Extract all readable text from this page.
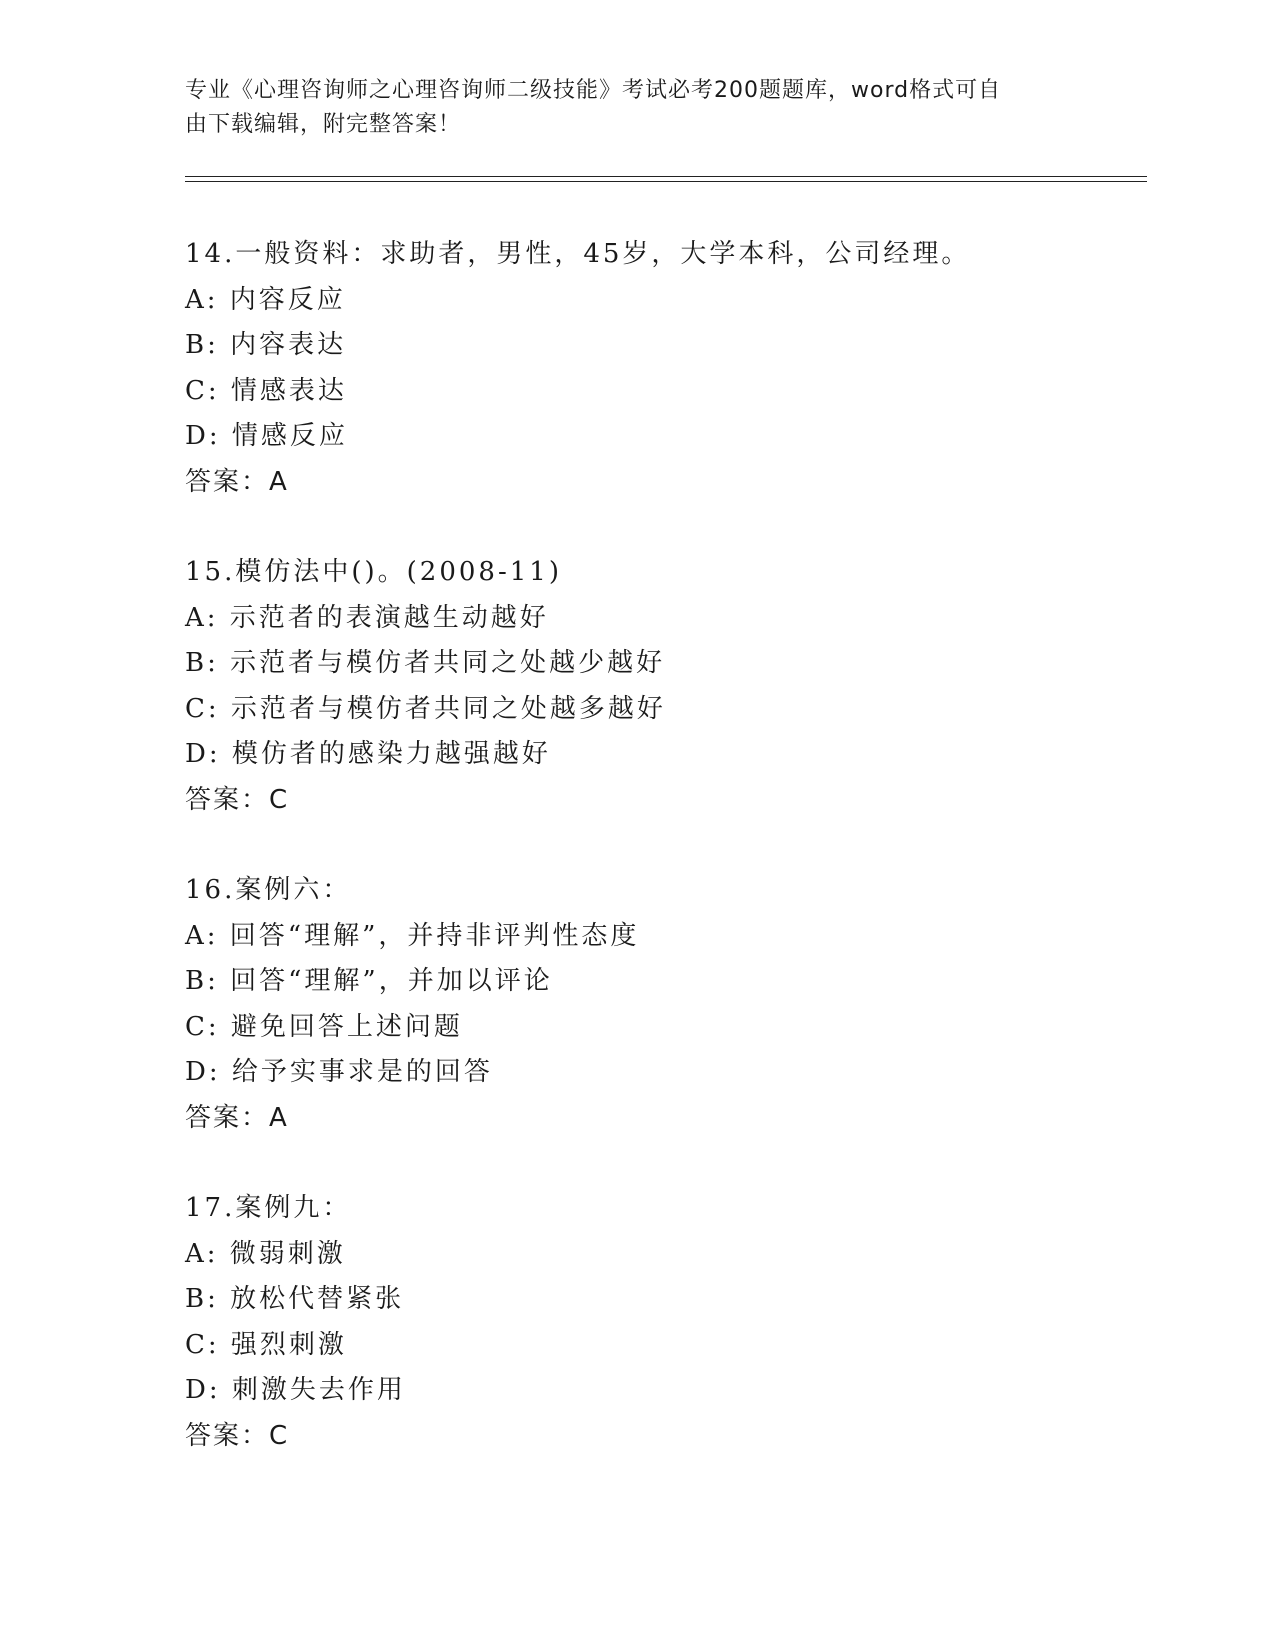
专业《心理咨询师之心理咨询师二级技能》考试必考200题题库，word格式可自
由下载编辑，附完整答案！
14.一般资料：求助者，男性，45岁，大学本科，公司经理。
A: 内容反应
B: 内容表达
C: 情感表达
D: 情感反应
答案：A
15.模仿法中()。(2008-11)
A: 示范者的表演越生动越好
B: 示范者与模仿者共同之处越少越好
C: 示范者与模仿者共同之处越多越好
D: 模仿者的感染力越强越好
答案：C
16.案例六：
A: 回答“理解”，并持非评判性态度
B: 回答“理解”，并加以评论
C: 避免回答上述问题
D: 给予实事求是的回答
答案：A
17.案例九：
A: 微弱刺激
B: 放松代替紧张
C: 强烈刺激
D: 刺激失去作用
答案：C
